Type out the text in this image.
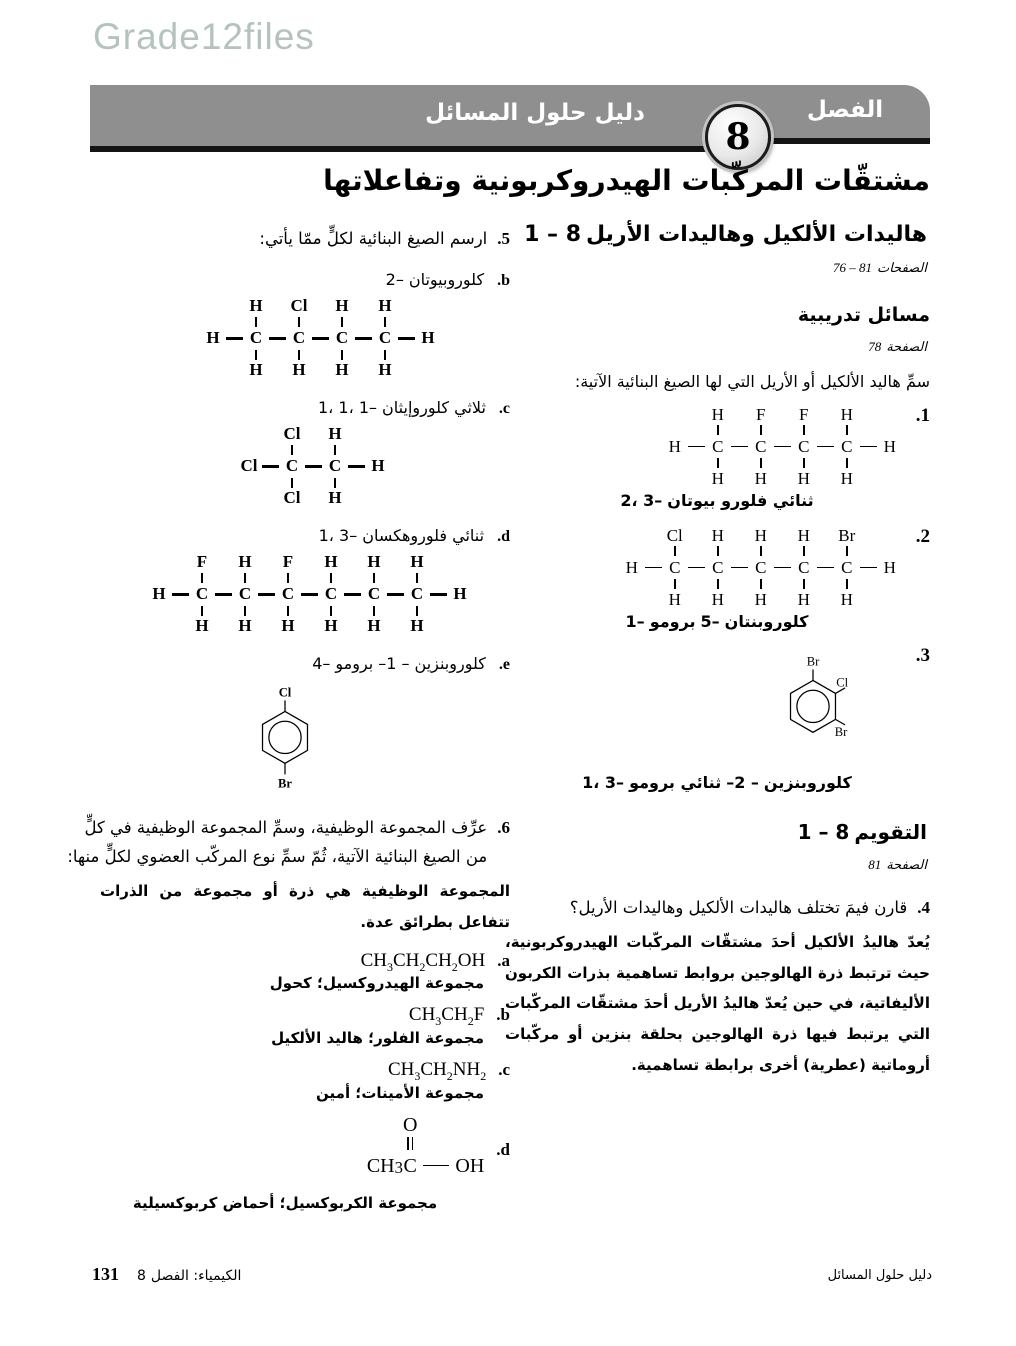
Grade12files
دليل حلول المسائل	الفصل
8
مشتقّات المركّبات الهيدروكربونية وتفاعلاتها
هاليدات الألكيل وهاليدات الأريل1 – 8
الصفحات76 – 81
مسائل تدريبية
الصفحة78
سمِّ هاليد الألكيل أو الأريل التي لها الصيغ البنائية الآتية:
1.
H
H
C
H
F
C
H
F
C
H
H
C
H
H
ثنائي فلورو بيوتان2، 3–
2.
H
Cl
C
H
H
C
H
H
C
H
H
C
H
Br
C
H
H
كلوروبنتان5–برومو1–
3.
Br
Cl
Br
كلوروبنزين–2 –ثنائي برومو1، 3–
التقويم1 – 8
الصفحة81
4.
قارن فيمَ تختلف هاليدات الألكيل وهاليدات الأريل؟
يُعدّ هاليدُ الألكيل أحدَ مشتقّات المركّبات الهيدروكربونية، حيث ترتبط ذرة الهالوجين بروابط تساهمية بذرات الكربون الأليفاتية، في حين يُعدّ هاليدُ الأريل أحدَ مشتقّات المركّبات التي يرتبط فيها ذرة الهالوجين بحلقة بنزين أو مركّبات أروماتية (عطرية) أخرى برابطة تساهمية.
5.
ارسم الصيغ البنائية لكلٍّ ممّا يأتي:
b.
كلوروبيوتان2–
H
H
C
H
Cl
C
H
H
C
H
H
C
H
H
c.
ثلاثي كلوروإيثان1، 1، 1–
Cl
Cl
C
Cl
H
C
H
H
d.
ثنائي فلوروهكسان1، 3–
H
F
C
H
H
C
H
F
C
H
H
C
H
H
C
H
H
C
H
H
e.
كلوروبنزين–1 –برومو4–
Cl
Br
6.
عرِّف المجموعة الوظيفية، وسمِّ المجموعة الوظيفية في كلٍّ من الصيغ البنائية الآتية، ثُمّ سمِّ نوع المركّب العضوي لكلٍّ منها:
المجموعة الوظيفية هي ذرة أو مجموعة من الذرات تتفاعل بطرائق عدة.
a.
$CH_3CH_2CH_2OH$
مجموعة الهيدروكسيل؛ كحول
b.
$CH_3CH_2F$
مجموعة الفلور؛ هاليد الألكيل
c.
$CH_3CH_2NH_2$
مجموعة الأمينات؛ أمين
d.
CH 3
O
C OH
مجموعة الكربوكسيل؛ أحماض كربوكسيلية
131	الكيمياء: الفصل8	دليل حلول المسائل
